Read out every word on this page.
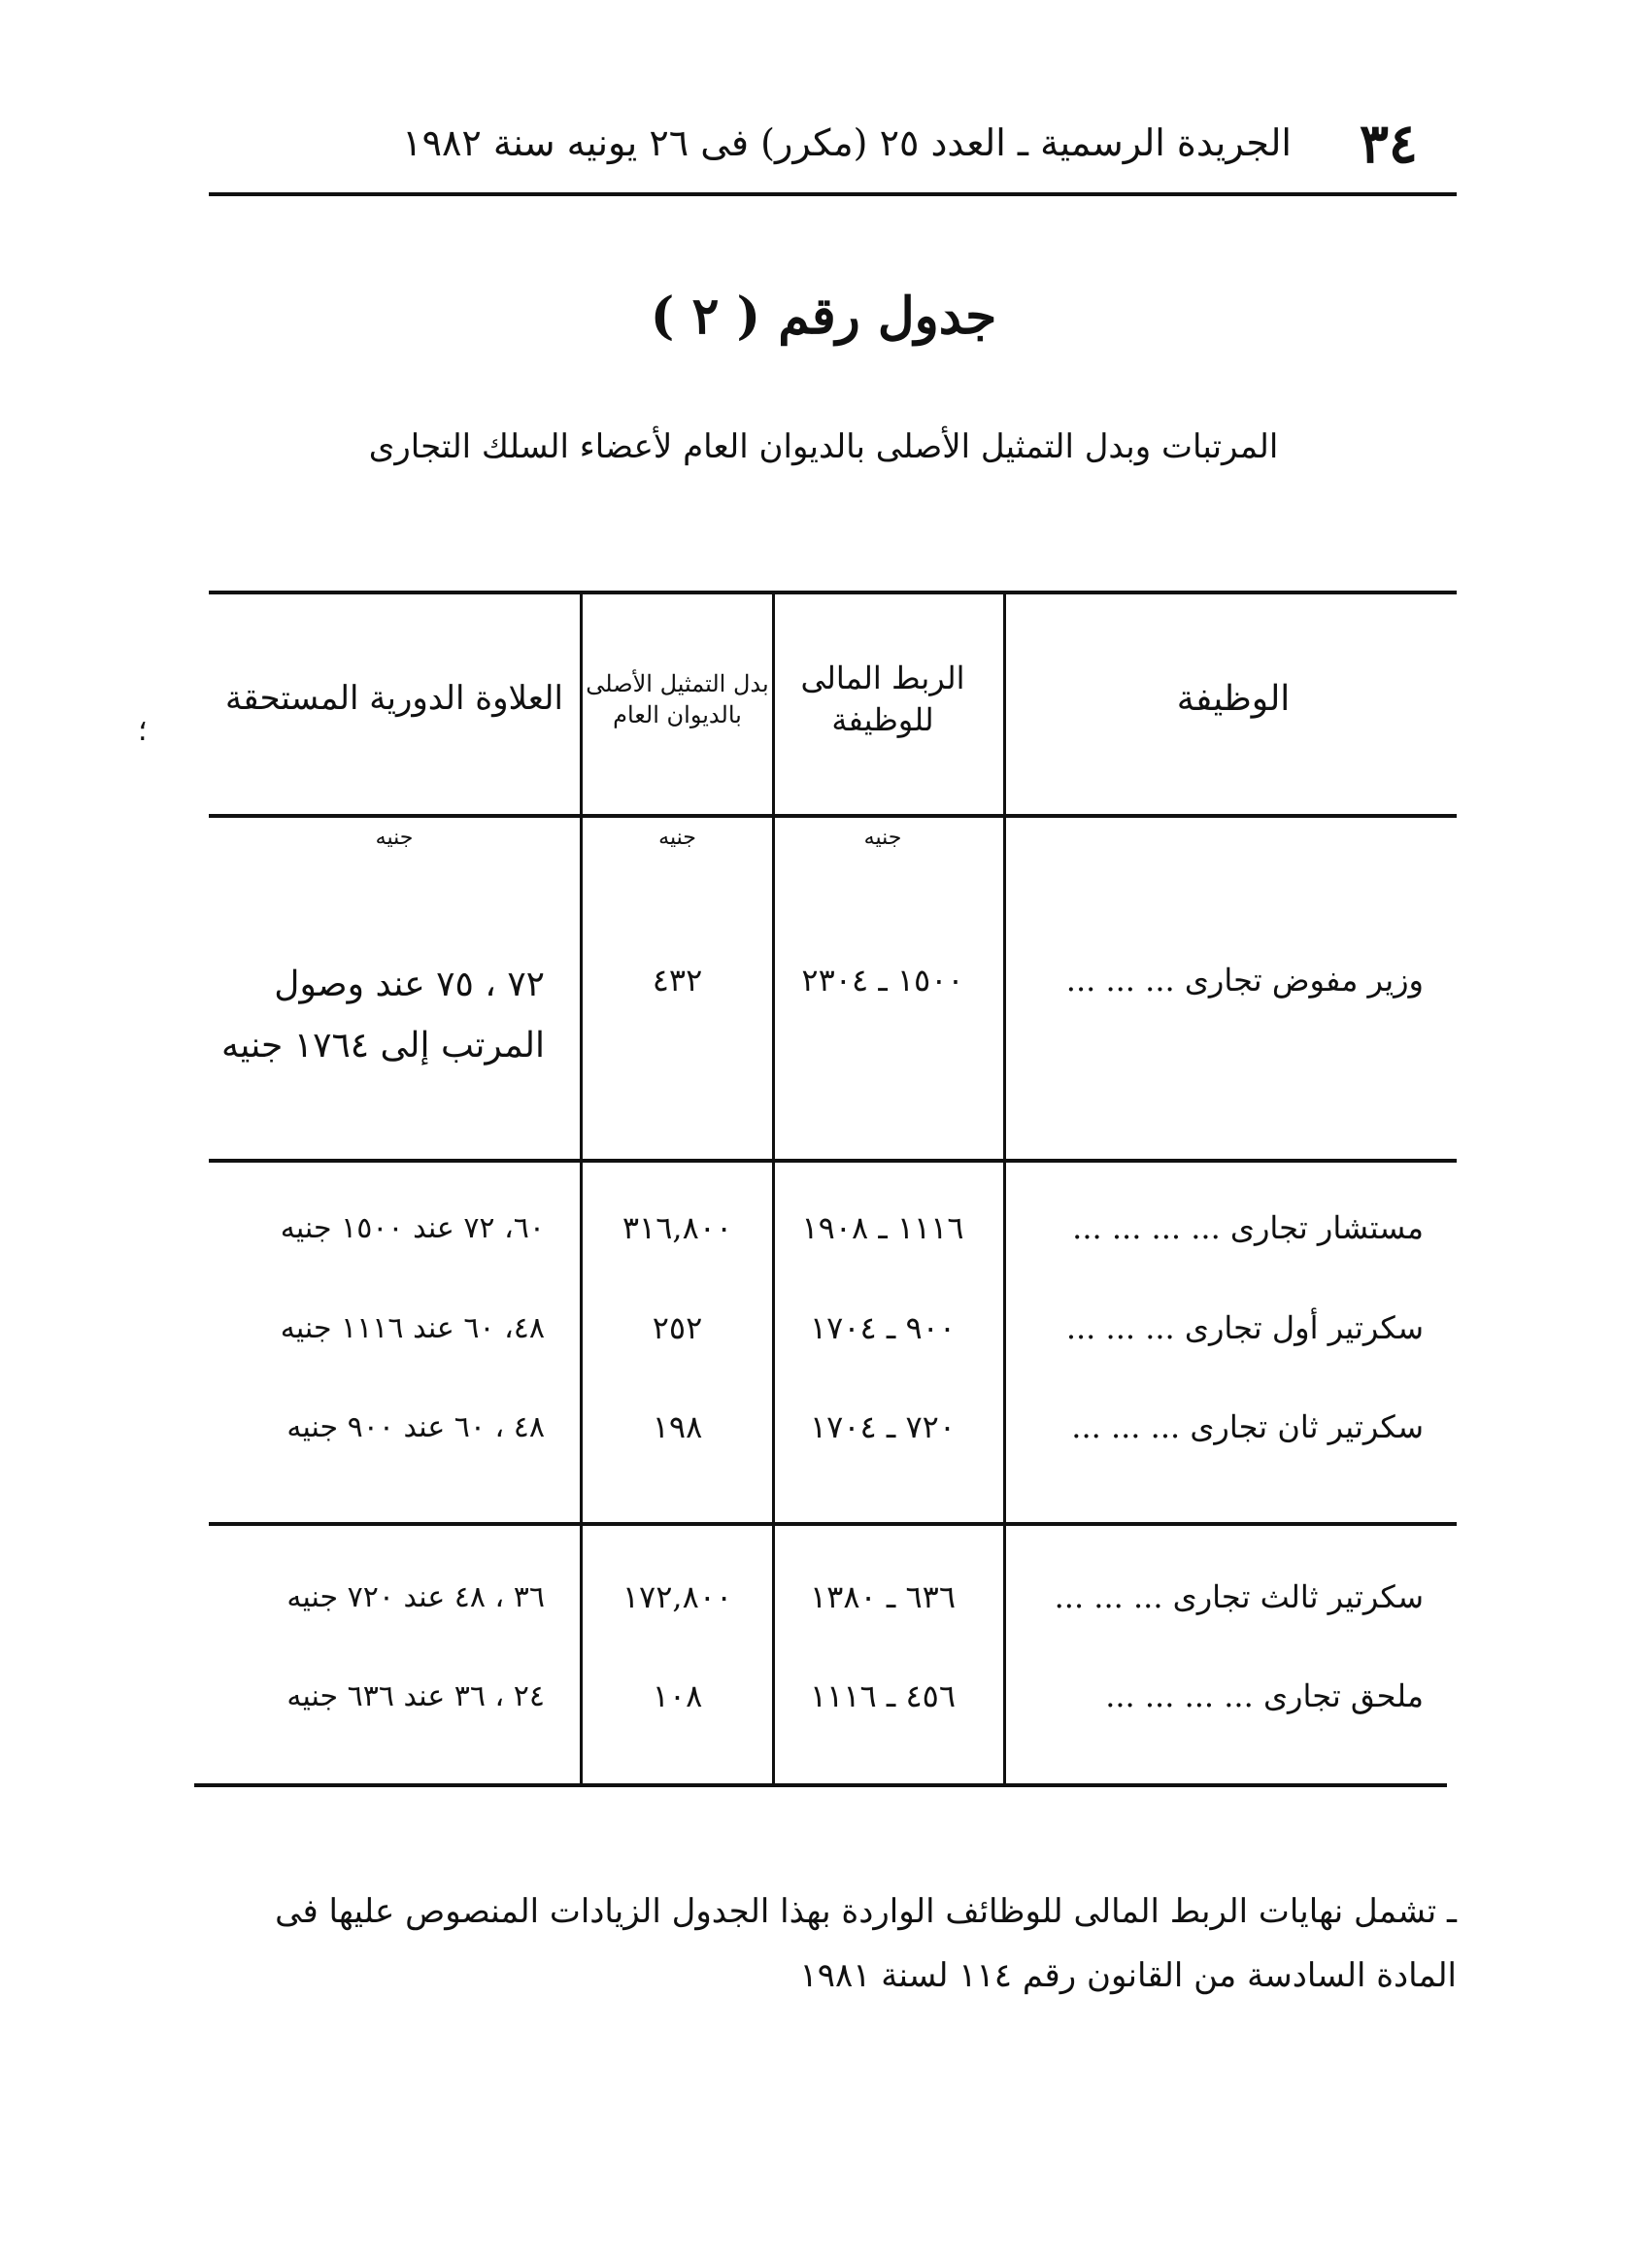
٣٤
الجريدة الرسمية ـ العدد ٢٥ (مكرر) فى ٢٦ يونيه سنة ١٩٨٢
جدول رقم ( ٢ )
المرتبات وبدل التمثيل الأصلى بالديوان العام لأعضاء السلك التجارى
؛
الوظيفة
الربط المالى للوظيفة
بدل التمثيل الأصلى بالديوان العام
العلاوة الدورية المستحقة
جنيه
جنيه
جنيه
وزير مفوض تجارى ... ... ...
١٥٠٠ ـ ٢٣٠٤
٤٣٢
٧٢ ، ٧٥ عند وصول المرتب إلى ١٧٦٤ جنيه
مستشار تجارى ... ... ... ...
١١١٦ ـ ١٩٠٨
٣١٦,٨٠٠
٦٠، ٧٢ عند ١٥٠٠ جنيه
سكرتير أول تجارى ... ... ...
٩٠٠ ـ ١٧٠٤
٢٥٢
٤٨، ٦٠ عند ١١١٦ جنيه
سكرتير ثان تجارى ... ... ...
٧٢٠ ـ ١٧٠٤
١٩٨
٤٨ ، ٦٠ عند ٩٠٠ جنيه
سكرتير ثالث تجارى ... ... ...
٦٣٦ ـ ١٣٨٠
١٧٢,٨٠٠
٣٦ ، ٤٨ عند ٧٢٠ جنيه
ملحق تجارى ... ... ... ...
٤٥٦ ـ ١١١٦
١٠٨
٢٤ ، ٣٦ عند ٦٣٦ جنيه
ـ تشمل نهايات الربط المالى للوظائف الواردة بهذا الجدول الزيادات المنصوص عليها فى المادة السادسة من القانون رقم ١١٤ لسنة ١٩٨١
